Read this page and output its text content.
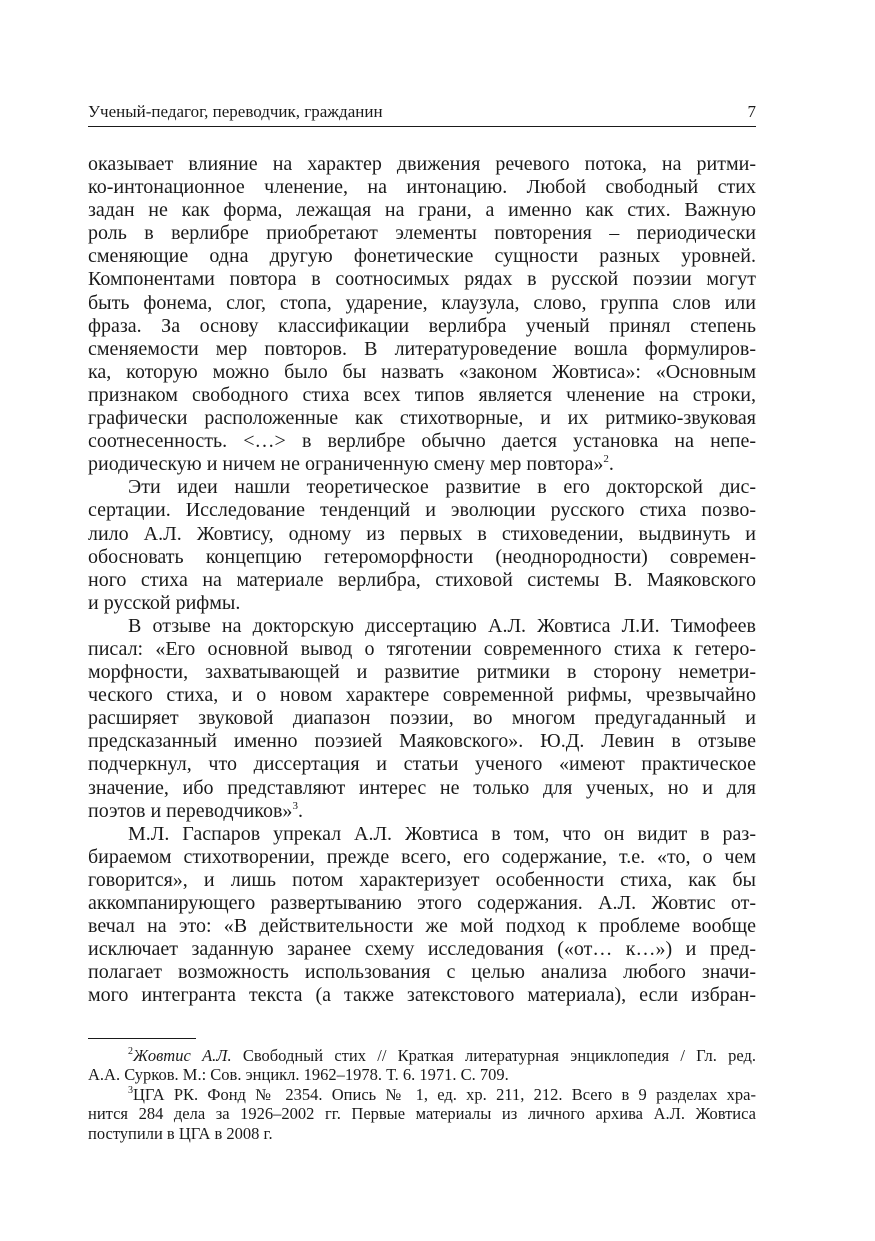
Ученый-педагог, переводчик, гражданин	7
оказывает влияние на характер движения речевого потока, на ритми-
ко-интонационное членение, на интонацию. Любой свободный стих
задан не как форма, лежащая на грани, а именно как стих. Важную
роль в верлибре приобретают элементы повторения – периодически
сменяющие одна другую фонетические сущности разных уровней.
Компонентами повтора в соотносимых рядах в русской поэзии могут
быть фонема, слог, стопа, ударение, клаузула, слово, группа слов или
фраза. За основу классификации верлибра ученый принял степень
сменяемости мер повторов. В литературоведение вошла формулиров-
ка, которую можно было бы назвать «законом Жовтиса»: «Основным
признаком свободного стиха всех типов является членение на строки,
графически расположенные как стихотворные, и их ритмико-звуковая
соотнесенность. <…> в верлибре обычно дается установка на непе-
риодическую и ничем не ограниченную смену мер повтора»$^2$.
Эти идеи нашли теоретическое развитие в его докторской дис-
сертации. Исследование тенденций и эволюции русского стиха позво-
лило А.Л. Жовтису, одному из первых в стиховедении, выдвинуть и
обосновать концепцию гетероморфности (неоднородности) современ-
ного стиха на материале верлибра, стиховой системы В. Маяковского
и русской рифмы.
В отзыве на докторскую диссертацию А.Л. Жовтиса Л.И. Тимофеев
писал: «Его основной вывод о тяготении современного стиха к гетеро-
морфности, захватывающей и развитие ритмики в сторону неметри-
ческого стиха, и о новом характере современной рифмы, чрезвычайно
расширяет звуковой диапазон поэзии, во многом предугаданный и
предсказанный именно поэзией Маяковского». Ю.Д. Левин в отзыве
подчеркнул, что диссертация и статьи ученого «имеют практическое
значение, ибо представляют интерес не только для ученых, но и для
поэтов и переводчиков»$^3$.
М.Л. Гаспаров упрекал А.Л. Жовтиса в том, что он видит в раз-
бираемом стихотворении, прежде всего, его содержание, т.е. «то, о чем
говорится», и лишь потом характеризует особенности стиха, как бы
аккомпанирующего развертыванию этого содержания. А.Л. Жовтис от-
вечал на это: «В действительности же мой подход к проблеме вообще
исключает заданную заранее схему исследования («от… к…») и пред-
полагает возможность использования с целью анализа любого значи-
мого интегранта текста (а также затекстового материала), если избран-
$^2$Жовтис А.Л. Свободный стих // Краткая литературная энциклопедия / Гл. ред.
А.А. Сурков. М.: Сов. энцикл. 1962–1978. Т. 6. 1971. С. 709.
$^3$ЦГА РК. Фонд № 2354. Опись № 1, ед. хр. 211, 212. Всего в 9 разделах хра-
нится 284 дела за 1926–2002 гг. Первые материалы из личного архива А.Л. Жовтиса
поступили в ЦГА в 2008 г.
